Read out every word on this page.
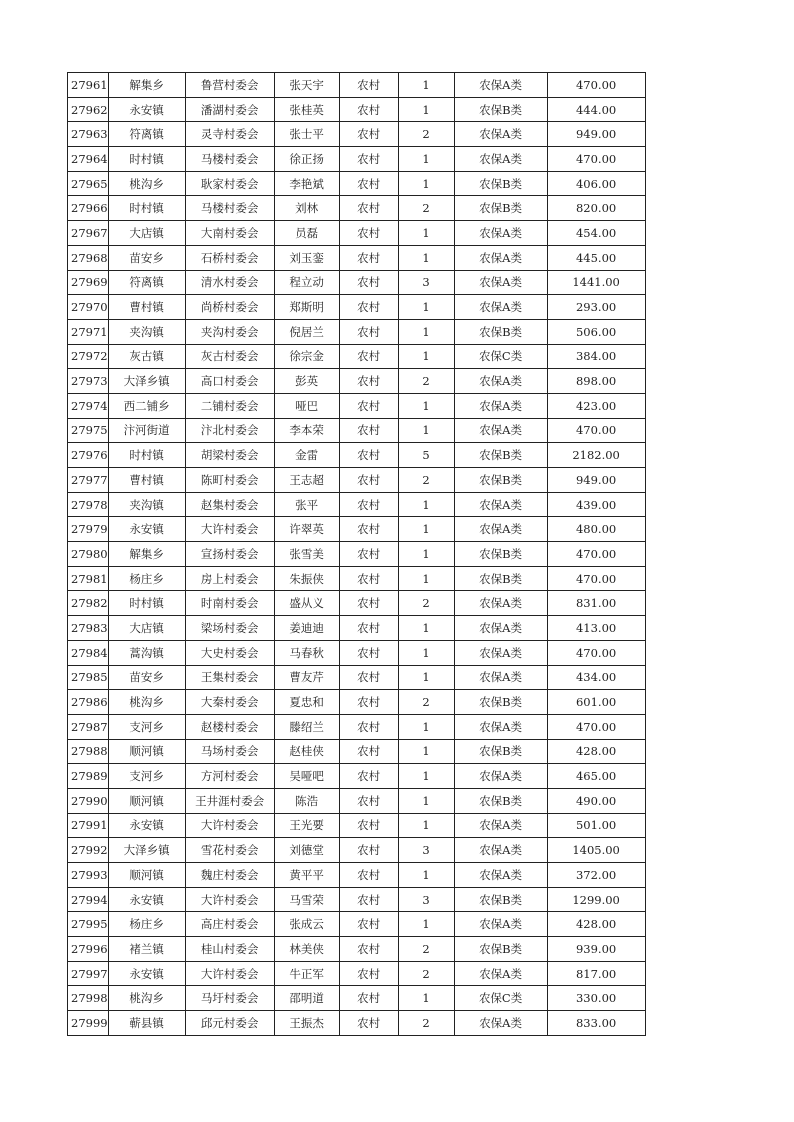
27961	解集乡	鲁营村委会	张天宇	农村	1	农保A类	470.00
27962	永安镇	潘湖村委会	张桂英	农村	1	农保B类	444.00
27963	符离镇	灵寺村委会	张士平	农村	2	农保A类	949.00
27964	时村镇	马楼村委会	徐正扬	农村	1	农保A类	470.00
27965	桃沟乡	耿家村委会	李艳斌	农村	1	农保B类	406.00
27966	时村镇	马楼村委会	刘林	农村	2	农保B类	820.00
27967	大店镇	大南村委会	员磊	农村	1	农保A类	454.00
27968	苗安乡	石桥村委会	刘玉銮	农村	1	农保A类	445.00
27969	符离镇	清水村委会	程立动	农村	3	农保A类	1441.00
27970	曹村镇	尚桥村委会	郑斯明	农村	1	农保A类	293.00
27971	夹沟镇	夹沟村委会	倪居兰	农村	1	农保B类	506.00
27972	灰古镇	灰古村委会	徐宗金	农村	1	农保C类	384.00
27973	大泽乡镇	高口村委会	彭英	农村	2	农保A类	898.00
27974	西二铺乡	二铺村委会	哑巴	农村	1	农保A类	423.00
27975	汴河街道	汴北村委会	李本荣	农村	1	农保A类	470.00
27976	时村镇	胡梁村委会	金雷	农村	5	农保B类	2182.00
27977	曹村镇	陈町村委会	王志超	农村	2	农保B类	949.00
27978	夹沟镇	赵集村委会	张平	农村	1	农保A类	439.00
27979	永安镇	大许村委会	许翠英	农村	1	农保A类	480.00
27980	解集乡	宣扬村委会	张雪美	农村	1	农保B类	470.00
27981	杨庄乡	房上村委会	朱振侠	农村	1	农保B类	470.00
27982	时村镇	时南村委会	盛从义	农村	2	农保A类	831.00
27983	大店镇	梁场村委会	姜迪迪	农村	1	农保A类	413.00
27984	蒿沟镇	大史村委会	马春秋	农村	1	农保A类	470.00
27985	苗安乡	王集村委会	曹友芹	农村	1	农保A类	434.00
27986	桃沟乡	大秦村委会	夏忠和	农村	2	农保B类	601.00
27987	支河乡	赵楼村委会	滕绍兰	农村	1	农保A类	470.00
27988	顺河镇	马场村委会	赵桂侠	农村	1	农保B类	428.00
27989	支河乡	方河村委会	吴哑吧	农村	1	农保A类	465.00
27990	顺河镇	王井涯村委会	陈浩	农村	1	农保B类	490.00
27991	永安镇	大许村委会	王光要	农村	1	农保A类	501.00
27992	大泽乡镇	雪花村委会	刘德堂	农村	3	农保A类	1405.00
27993	顺河镇	魏庄村委会	黄平平	农村	1	农保A类	372.00
27994	永安镇	大许村委会	马雪荣	农村	3	农保B类	1299.00
27995	杨庄乡	高庄村委会	张成云	农村	1	农保A类	428.00
27996	褚兰镇	桂山村委会	林美侠	农村	2	农保B类	939.00
27997	永安镇	大许村委会	牛正军	农村	2	农保A类	817.00
27998	桃沟乡	马圩村委会	邵明道	农村	1	农保C类	330.00
27999	蕲县镇	邱元村委会	王振杰	农村	2	农保A类	833.00
